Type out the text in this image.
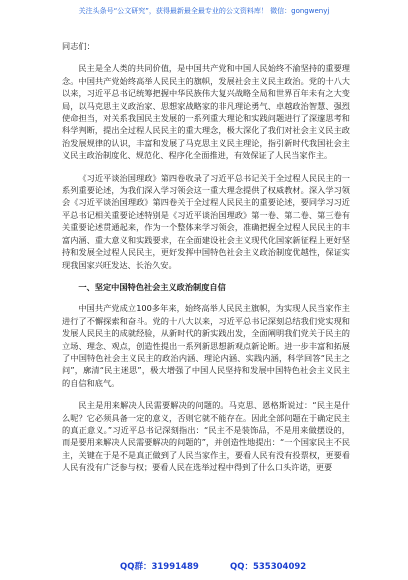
关注头条号“公文研究”，获得最新最全最专业的公文资料库！ 微信：gongwenyj

同志们：

民主是全人类的共同价值，是中国共产党和中国人民始终不渝坚持的重要理念。中国共产党始终高举人民民主的旗帜，发展社会主义民主政治。党的十八大以来，习近平总书记统筹把握中华民族伟大复兴战略全局和世界百年未有之大变局，以马克思主义政治家、思想家战略家的非凡理论勇气、卓越政治智慧、强烈使命担当，对关系我国民主发展的一系列重大理论和实践问题进行了深邃思考和科学判断，提出全过程人民民主的重大理念，极大深化了我们对社会主义民主政治发展规律的认识，丰富和发展了马克思主义民主理论，指引新时代我国社会主义民主政治制度化、规范化、程序化全面推进，有效保证了人民当家作主。

《习近平谈治国理政》第四卷收录了习近平总书记关于全过程人民民主的一系列重要论述，为我们深入学习领会这一重大理念提供了权威教材。深入学习领会《习近平谈治国理政》第四卷关于全过程人民民主的重要论述，要同学习习近平总书记相关重要论述特别是《习近平谈治国理政》第一卷、第二卷、第三卷有关重要论述贯通起来，作为一个整体来学习领会，准确把握全过程人民民主的丰富内涵、重大意义和实践要求，在全面建设社会主义现代化国家新征程上更好坚持和发展全过程人民民主，更好发挥中国特色社会主义政治制度优越性，保证实现我国家兴旺发达、长治久安。

一、坚定中国特色社会主义政治制度自信

中国共产党成立100多年来，始终高举人民民主旗帜，为实现人民当家作主进行了不懈探索和奋斗。党的十八大以来，习近平总书记深刻总结我们党实现和发展人民民主的成就经验，从新时代的新实践出发，全面阐明我们党关于民主的立场、理念、观点，创造性提出一系列新思想新观点新论断。进一步丰富和拓展了中国特色社会主义民主的政治内涵、理论内涵、实践内涵，科学回答“民主之问”，廓清“民主迷思”，极大增强了中国人民坚持和发展中国特色社会主义民主的自信和底气。

民主是用来解决人民需要解决的问题的。马克思、恩格斯说过：“民主是什么呢？它必须具备一定的意义，否则它就不能存在。因此全部问题在于确定民主的真正意义。”习近平总书记深刻指出：“民主不是装饰品，不是用来做摆设的，而是要用来解决人民需要解决的问题的”，并创造性地提出：“一个国家民主不民主，关键在于是不是真正做到了人民当家作主，要看人民有没有投票权，更要看人民有没有广泛参与权；要看人民在选举过程中得到了什么口头许诺，更要

QQ群：31991489	QQ：535304092
